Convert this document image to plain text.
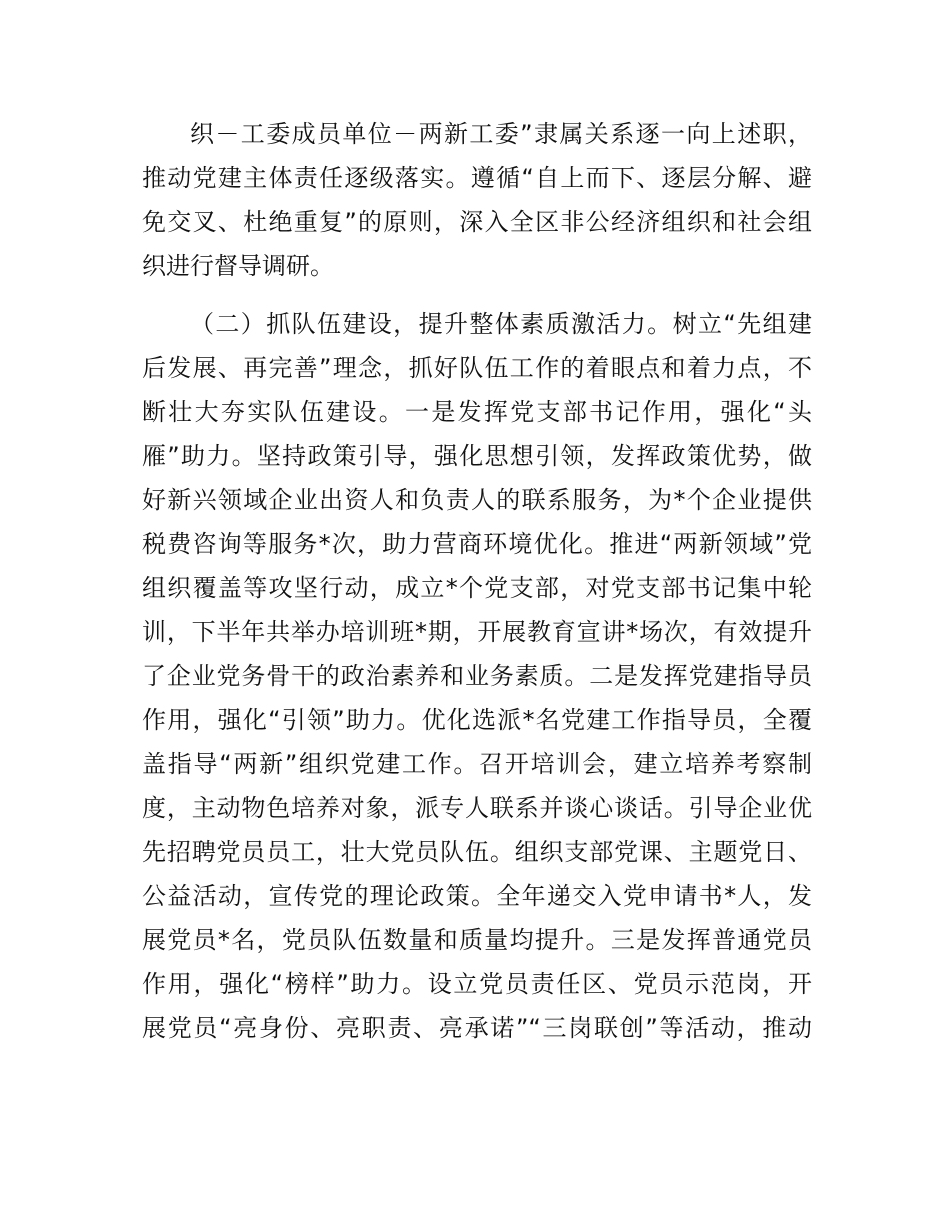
织－工委成员单位－两新工委”隶属关系逐一向上述职，
推动党建主体责任逐级落实。遵循“自上而下、逐层分解、避
免交叉、杜绝重复”的原则，深入全区非公经济组织和社会组
织进行督导调研。
（二）抓队伍建设，提升整体素质激活力。树立“先组建
后发展、再完善”理念，抓好队伍工作的着眼点和着力点，不
断壮大夯实队伍建设。一是发挥党支部书记作用，强化“头
雁”助力。坚持政策引导，强化思想引领，发挥政策优势，做
好新兴领域企业出资人和负责人的联系服务，为*个企业提供
税费咨询等服务*次，助力营商环境优化。推进“两新领域”党
组织覆盖等攻坚行动，成立*个党支部，对党支部书记集中轮
训，下半年共举办培训班*期，开展教育宣讲*场次，有效提升
了企业党务骨干的政治素养和业务素质。二是发挥党建指导员
作用，强化“引领”助力。优化选派*名党建工作指导员，全覆
盖指导“两新”组织党建工作。召开培训会，建立培养考察制
度，主动物色培养对象，派专人联系并谈心谈话。引导企业优
先招聘党员员工，壮大党员队伍。组织支部党课、主题党日、
公益活动，宣传党的理论政策。全年递交入党申请书*人，发
展党员*名，党员队伍数量和质量均提升。三是发挥普通党员
作用，强化“榜样”助力。设立党员责任区、党员示范岗，开
展党员“亮身份、亮职责、亮承诺”“三岗联创”等活动，推动
